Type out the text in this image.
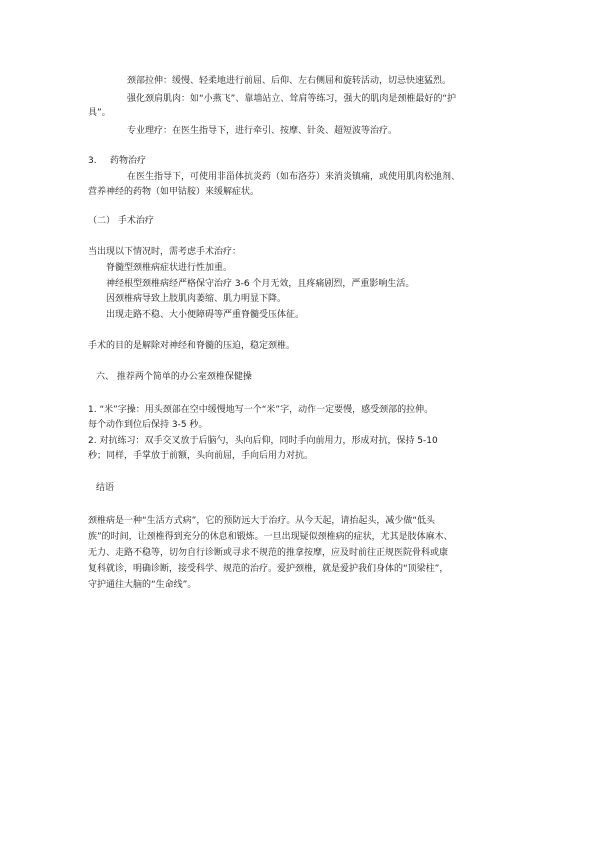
颈部拉伸：缓慢、轻柔地进行前屈、后仰、左右侧屈和旋转活动，切忌快速猛烈。
强化颈肩肌肉：如“小燕飞”、靠墙站立、耸肩等练习，强大的肌肉是颈椎最好的“护
具”。
专业理疗：在医生指导下，进行牵引、按摩、针灸、超短波等治疗。
3. 药物治疗
在医生指导下，可使用非甾体抗炎药（如布洛芬）来消炎镇痛，或使用肌肉松弛剂、
营养神经的药物（如甲钴胺）来缓解症状。
（二） 手术治疗
当出现以下情况时，需考虑手术治疗：
脊髓型颈椎病症状进行性加重。
神经根型颈椎病经严格保守治疗 3-6 个月无效，且疼痛剧烈，严重影响生活。
因颈椎病导致上肢肌肉萎缩、肌力明显下降。
出现走路不稳、大小便障碍等严重脊髓受压体征。
手术的目的是解除对神经和脊髓的压迫，稳定颈椎。
六、 推荐两个简单的办公室颈椎保健操
1. “米”字操：用头颈部在空中缓慢地写一个“米”字，动作一定要慢，感受颈部的拉伸。
每个动作到位后保持 3-5 秒。
2. 对抗练习：双手交叉放于后脑勺，头向后仰，同时手向前用力，形成对抗，保持 5-10
秒；同样，手掌放于前额，头向前屈，手向后用力对抗。
结语
颈椎病是一种“生活方式病”，它的预防远大于治疗。从今天起，请抬起头，减少做“低头
族”的时间，让颈椎得到充分的休息和锻炼。一旦出现疑似颈椎病的症状，尤其是肢体麻木、
无力、走路不稳等，切勿自行诊断或寻求不规范的推拿按摩，应及时前往正规医院骨科或康
复科就诊，明确诊断，接受科学、规范的治疗。爱护颈椎，就是爱护我们身体的“顶梁柱”，
守护通往大脑的“生命线”。
